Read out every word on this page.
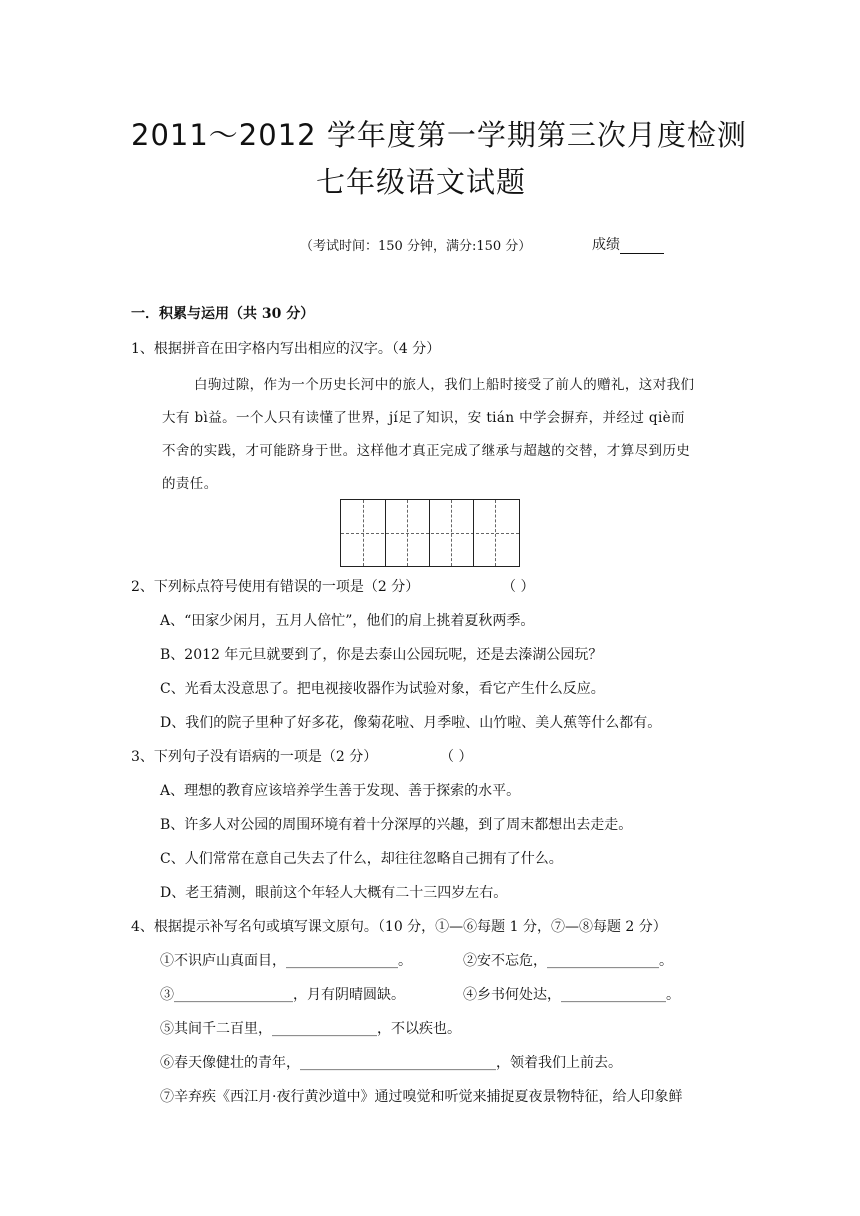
2011～2012 学年度第一学期第三次月度检测
七年级语文试题
（考试时间：150 分钟，满分:150 分）	成绩
一．积累与运用（共 30 分）
1、根据拼音在田字格内写出相应的汉字。（4 分）
白驹过隙，作为一个历史长河中的旅人，我们上船时接受了前人的赠礼，这对我们
大有 bì益。一个人只有读懂了世界，jí足了知识，安 tián 中学会摒弃，并经过 qiè而
不舍的实践，才可能跻身于世。这样他才真正完成了继承与超越的交替，才算尽到历史
的责任。
2、下列标点符号使用有错误的一项是（2 分）	（ ）
A、“田家少闲月，五月人倍忙”，他们的肩上挑着夏秋两季。
B、2012 年元旦就要到了，你是去泰山公园玩呢，还是去溱湖公园玩？
C、光看太没意思了。把电视接收器作为试验对象，看它产生什么反应。
D、我们的院子里种了好多花，像菊花啦、月季啦、山竹啦、美人蕉等什么都有。
3、下列句子没有语病的一项是（2 分）	（ ）
A、理想的教育应该培养学生善于发现、善于探索的水平。
B、许多人对公园的周围环境有着十分深厚的兴趣，到了周末都想出去走走。
C、人们常常在意自己失去了什么，却往往忽略自己拥有了什么。
D、老王猜测，眼前这个年轻人大概有二十三四岁左右。
4、根据提示补写名句或填写课文原句。（10 分，①—⑥每题 1 分，⑦—⑧每题 2 分）
①不识庐山真面目，________________。	②安不忘危，________________。
③_________________，月有阴晴圆缺。	④乡书何处达，_______________。
⑤其间千二百里，_______________，不以疾也。
⑥春天像健壮的青年，____________________________，领着我们上前去。
⑦辛弃疾《西江月·夜行黄沙道中》通过嗅觉和听觉来捕捉夏夜景物特征，给人印象鲜
